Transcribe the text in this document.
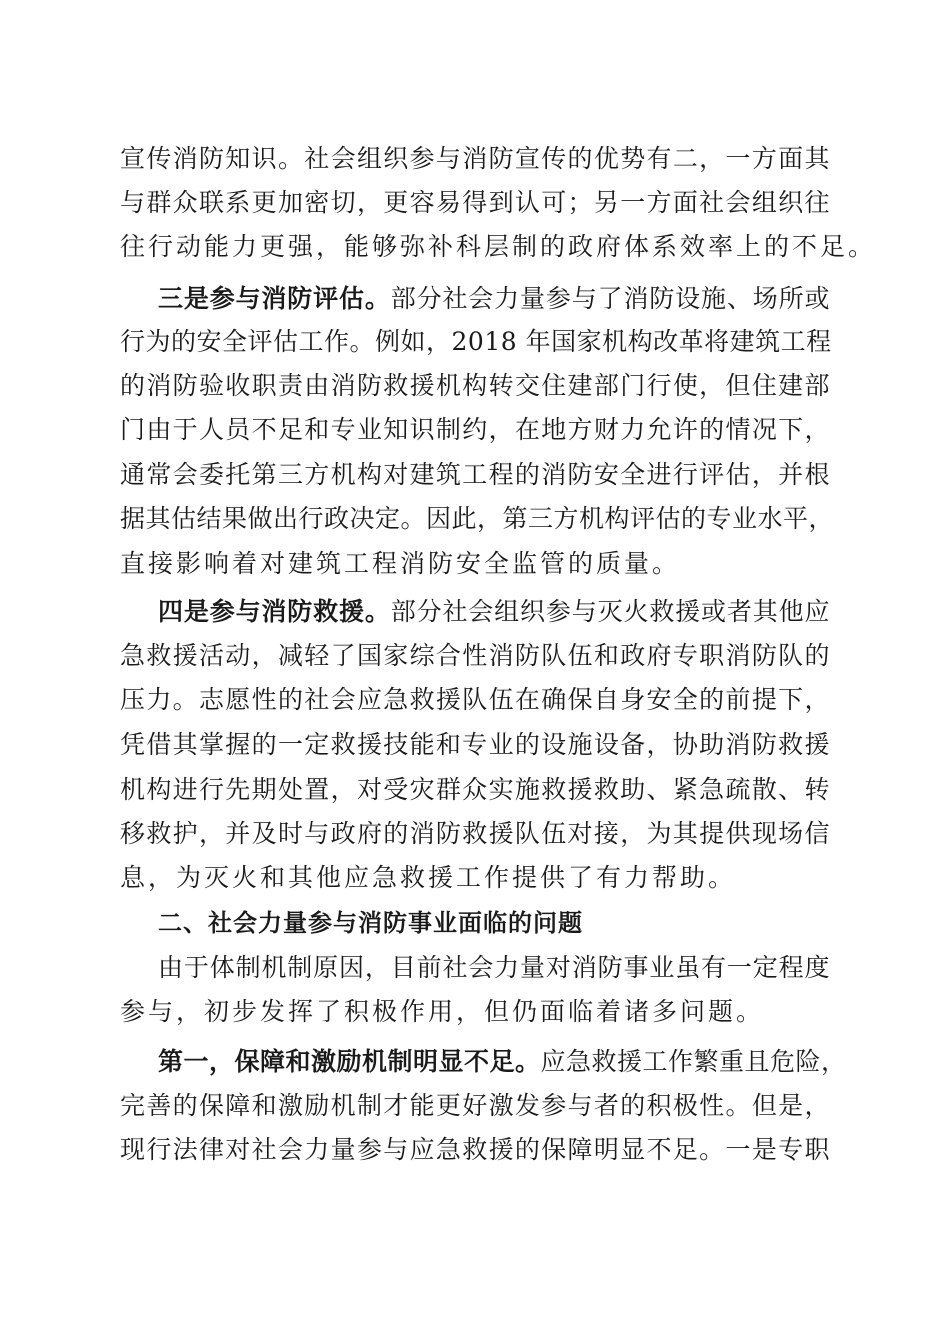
宣传消防知识。社会组织参与消防宣传的优势有二，一方面其
与群众联系更加密切，更容易得到认可；另一方面社会组织往
往行动能力更强，能够弥补科层制的政府体系效率上的不足。
三是参与消防评估。部分社会力量参与了消防设施、场所或
行为的安全评估工作。例如，2018 年国家机构改革将建筑工程
的消防验收职责由消防救援机构转交住建部门行使，但住建部
门由于人员不足和专业知识制约，在地方财力允许的情况下，
通常会委托第三方机构对建筑工程的消防安全进行评估，并根
据其估结果做出行政决定。因此，第三方机构评估的专业水平，
直接影响着对建筑工程消防安全监管的质量。
四是参与消防救援。部分社会组织参与灭火救援或者其他应
急救援活动，减轻了国家综合性消防队伍和政府专职消防队的
压力。志愿性的社会应急救援队伍在确保自身安全的前提下，
凭借其掌握的一定救援技能和专业的设施设备，协助消防救援
机构进行先期处置，对受灾群众实施救援救助、紧急疏散、转
移救护，并及时与政府的消防救援队伍对接，为其提供现场信
息，为灭火和其他应急救援工作提供了有力帮助。
二、社会力量参与消防事业面临的问题
由于体制机制原因，目前社会力量对消防事业虽有一定程度
参与，初步发挥了积极作用，但仍面临着诸多问题。
第一，保障和激励机制明显不足。应急救援工作繁重且危险，
完善的保障和激励机制才能更好激发参与者的积极性。但是，
现行法律对社会力量参与应急救援的保障明显不足。一是专职
